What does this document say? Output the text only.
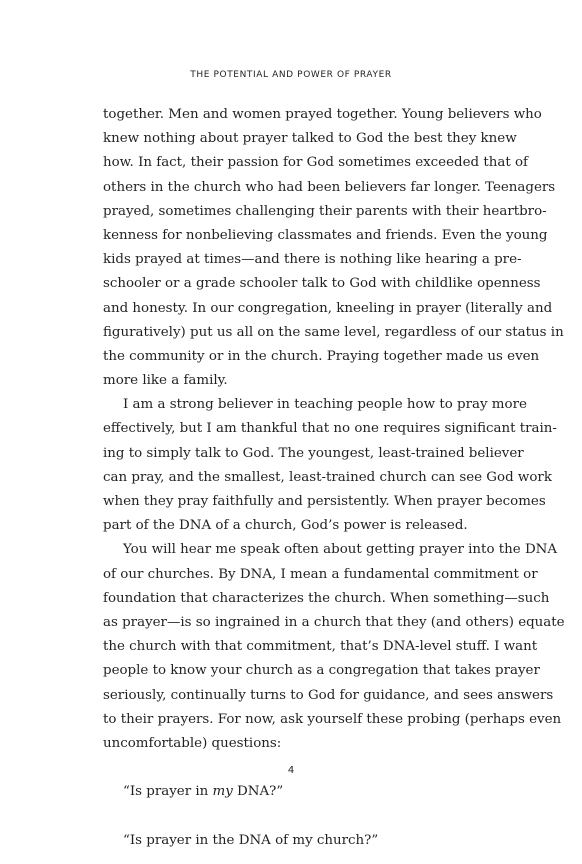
THE POTENTIAL AND POWER OF PRAYER
together. Men and women prayed together. Young believers who
knew nothing about prayer talked to God the best they knew
how. In fact, their passion for God sometimes exceeded that of
others in the church who had been believers far longer. Teenagers
prayed, sometimes challenging their parents with their heartbro-
kenness for nonbelieving classmates and friends. Even the young
kids prayed at times—and there is nothing like hearing a pre-
schooler or a grade schooler talk to God with childlike openness
and honesty. In our congregation, kneeling in prayer (literally and
figuratively) put us all on the same level, regardless of our status in
the community or in the church. Praying together made us even
more like a family.
I am a strong believer in teaching people how to pray more
effectively, but I am thankful that no one requires significant train-
ing to simply talk to God. The youngest, least-trained believer
can pray, and the smallest, least-trained church can see God work
when they pray faithfully and persistently. When prayer becomes
part of the DNA of a church, God’s power is released.
You will hear me speak often about getting prayer into the DNA
of our churches. By DNA, I mean a fundamental commitment or
foundation that characterizes the church. When something—such
as prayer—is so ingrained in a church that they (and others) equate
the church with that commitment, that’s DNA-level stuff. I want
people to know your church as a congregation that takes prayer
seriously, continually turns to God for guidance, and sees answers
to their prayers. For now, ask yourself these probing (perhaps even
uncomfortable) questions:
“Is prayer in my DNA?”
“Is prayer in the DNA of my church?”
4
